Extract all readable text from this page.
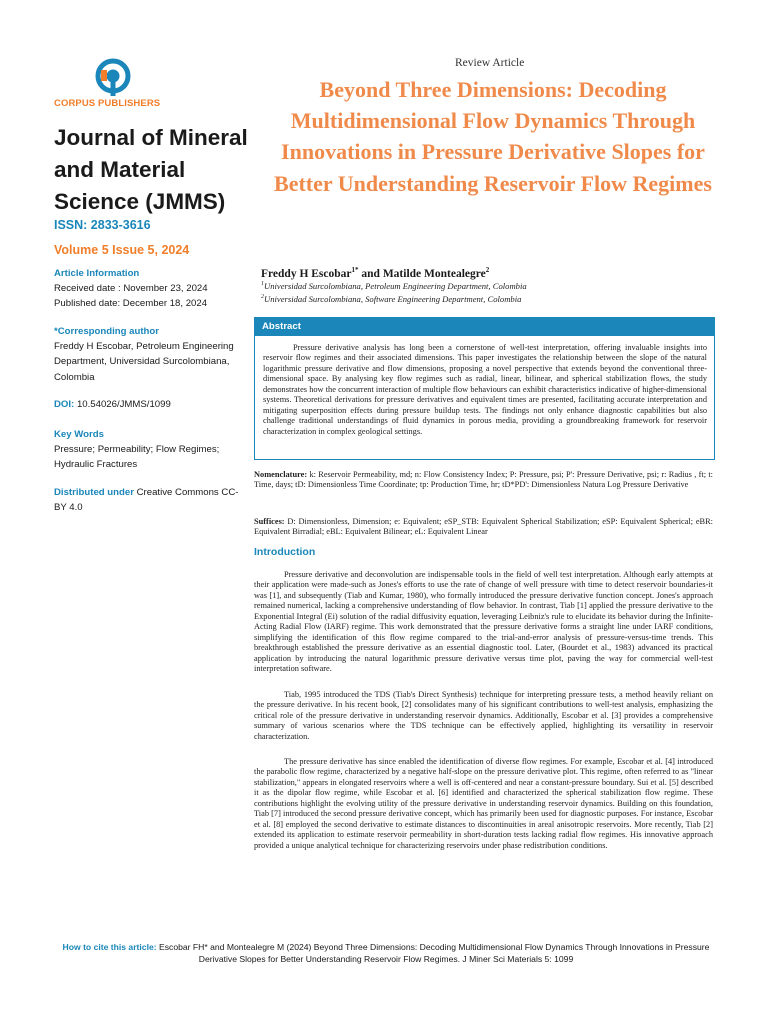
CORPUS PUBLISHERS
Journal of Mineral and Material Science (JMMS)
ISSN: 2833-3616
Volume 5 Issue 5, 2024
Article Information
Received date : November 23, 2024
Published date: December 18, 2024
*Corresponding author
Freddy H Escobar, Petroleum Engineering Department, Universidad Surcolombiana, Colombia
DOI: 10.54026/JMMS/1099
Key Words
Pressure; Permeability; Flow Regimes; Hydraulic Fractures
Distributed under Creative Commons CC-BY 4.0
Review Article
Beyond Three Dimensions: Decoding Multidimensional Flow Dynamics Through Innovations in Pressure Derivative Slopes for Better Understanding Reservoir Flow Regimes
Freddy H Escobar$^{1*}$ and Matilde Montealegre$^2$
$^1$Universidad Surcolombiana, Petroleum Engineering Department, Colombia
$^2$Universidad Surcolombiana, Software Engineering Department, Colombia
Abstract
Pressure derivative analysis has long been a cornerstone of well-test interpretation, offering invaluable insights into reservoir flow regimes and their associated dimensions. This paper investigates the relationship between the slope of the natural logarithmic pressure derivative and flow dimensions, proposing a novel perspective that extends beyond the conventional three-dimensional space. By analysing key flow regimes such as radial, linear, bilinear, and spherical stabilization flows, the study demonstrates how the concurrent interaction of multiple flow behaviours can exhibit characteristics indicative of higher-dimensional systems. Theoretical derivations for pressure derivatives and equivalent times are presented, facilitating accurate interpretation and mitigating superposition effects during pressure buildup tests. The findings not only enhance diagnostic capabilities but also challenge traditional understandings of fluid dynamics in porous media, providing a groundbreaking framework for reservoir characterization in complex geological settings.
Nomenclature: k: Reservoir Permeability, md; n: Flow Consistency Index; P: Pressure, psi; P': Pressure Derivative, psi; r: Radius , ft; t: Time, days; tD: Dimensionless Time Coordinate; tp: Production Time, hr; tD*PD': Dimensionless Natura Log Pressure Derivative
Suffices: D: Dimensionless, Dimension; e: Equivalent; eSP_STB: Equivalent Spherical Stabilization; eSP: Equivalent Spherical; eBR: Equivalent Birradial; eBL: Equivalent Bilinear; eL: Equivalent Linear
Introduction
Pressure derivative and deconvolution are indispensable tools in the field of well test interpretation. Although early attempts at their application were made-such as Jones's efforts to use the rate of change of well pressure with time to detect reservoir boundaries-it was [1], and subsequently (Tiab and Kumar, 1980), who formally introduced the pressure derivative function concept. Jones's approach remained numerical, lacking a comprehensive understanding of flow behavior. In contrast, Tiab [1] applied the pressure derivative to the Exponential Integral (Ei) solution of the radial diffusivity equation, leveraging Leibniz's rule to elucidate its behavior during the Infinite-Acting Radial Flow (IARF) regime. This work demonstrated that the pressure derivative forms a straight line under IARF conditions, simplifying the identification of this flow regime compared to the trial-and-error analysis of pressure-versus-time trends. This breakthrough established the pressure derivative as an essential diagnostic tool. Later, (Bourdet et al., 1983) advanced its practical application by introducing the natural logarithmic pressure derivative versus time plot, paving the way for commercial well-test interpretation software.
Tiab, 1995 introduced the TDS (Tiab's Direct Synthesis) technique for interpreting pressure tests, a method heavily reliant on the pressure derivative. In his recent book, [2] consolidates many of his significant contributions to well-test analysis, emphasizing the critical role of the pressure derivative in understanding reservoir dynamics. Additionally, Escobar et al. [3] provides a comprehensive summary of various scenarios where the TDS technique can be effectively applied, highlighting its versatility in reservoir characterization.
The pressure derivative has since enabled the identification of diverse flow regimes. For example, Escobar et al. [4] introduced the parabolic flow regime, characterized by a negative half-slope on the pressure derivative plot. This regime, often referred to as "linear stabilization," appears in elongated reservoirs where a well is off-centered and near a constant-pressure boundary. Sui et al. [5] described it as the dipolar flow regime, while Escobar et al. [6] identified and characterized the spherical stabilization flow regime. These contributions highlight the evolving utility of the pressure derivative in understanding reservoir dynamics. Building on this foundation, Tiab [7] introduced the second pressure derivative concept, which has primarily been used for diagnostic purposes. For instance, Escobar et al. [8] employed the second derivative to estimate distances to discontinuities in areal anisotropic reservoirs. More recently, Tiab [2] extended its application to estimate reservoir permeability in short-duration tests lacking radial flow regimes. His innovative approach provided a unique analytical technique for characterizing reservoirs under phase redistribution conditions.
How to cite this article: Escobar FH* and Montealegre M (2024) Beyond Three Dimensions: Decoding Multidimensional Flow Dynamics Through Innovations in Pressure Derivative Slopes for Better Understanding Reservoir Flow Regimes. J Miner Sci Materials 5: 1099
